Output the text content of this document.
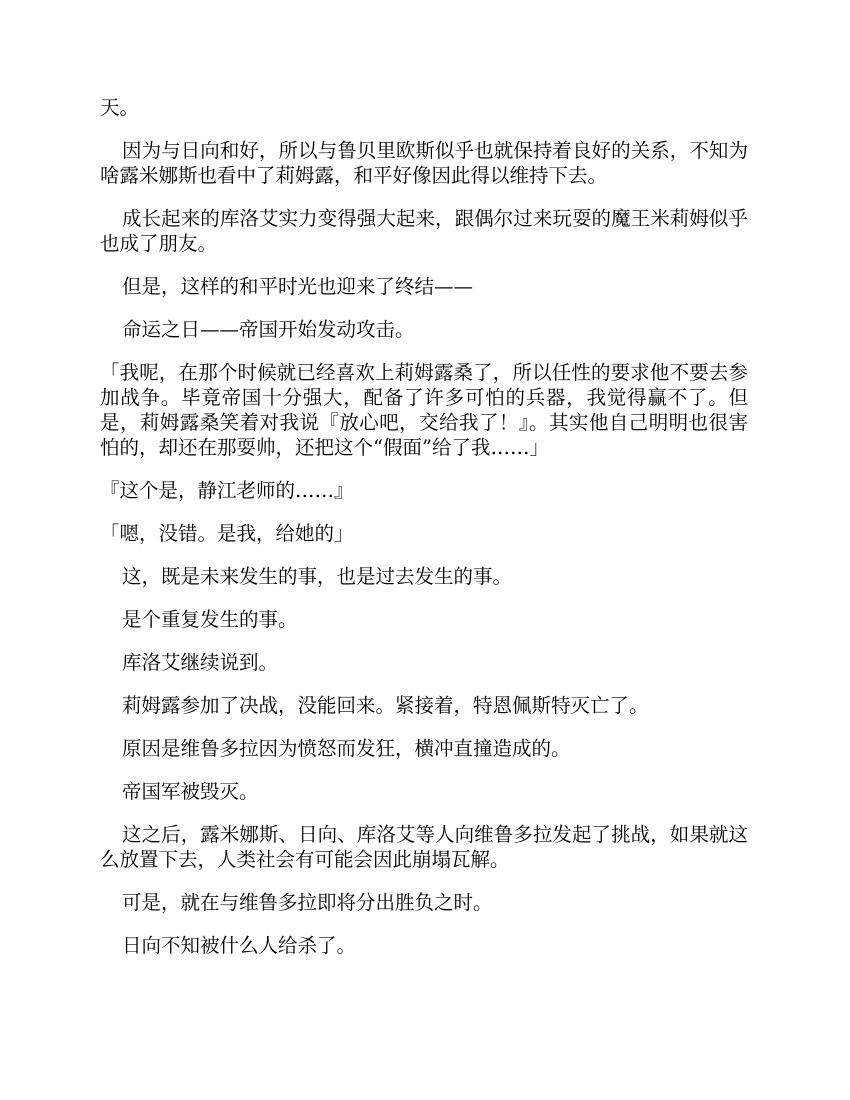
天。

因为与日向和好，所以与鲁贝里欧斯似乎也就保持着良好的关系，不知为啥露米娜斯也看中了莉姆露，和平好像因此得以维持下去。

成长起来的库洛艾实力变得强大起来，跟偶尔过来玩耍的魔王米莉姆似乎也成了朋友。

但是，这样的和平时光也迎来了终结——

命运之日——帝国开始发动攻击。

「我呢，在那个时候就已经喜欢上莉姆露桑了，所以任性的要求他不要去参加战争。毕竟帝国十分强大，配备了许多可怕的兵器，我觉得赢不了。但是，莉姆露桑笑着对我说『放心吧，交给我了！』。其实他自己明明也很害怕的，却还在那耍帅，还把这个“假面”给了我……」

『这个是，静江老师的……』

「嗯，没错。是我，给她的」

这，既是未来发生的事，也是过去发生的事。

是个重复发生的事。

库洛艾继续说到。

莉姆露参加了决战，没能回来。紧接着，特恩佩斯特灭亡了。

原因是维鲁多拉因为愤怒而发狂，横冲直撞造成的。

帝国军被毁灭。

这之后，露米娜斯、日向、库洛艾等人向维鲁多拉发起了挑战，如果就这么放置下去，人类社会有可能会因此崩塌瓦解。

可是，就在与维鲁多拉即将分出胜负之时。

日向不知被什么人给杀了。
